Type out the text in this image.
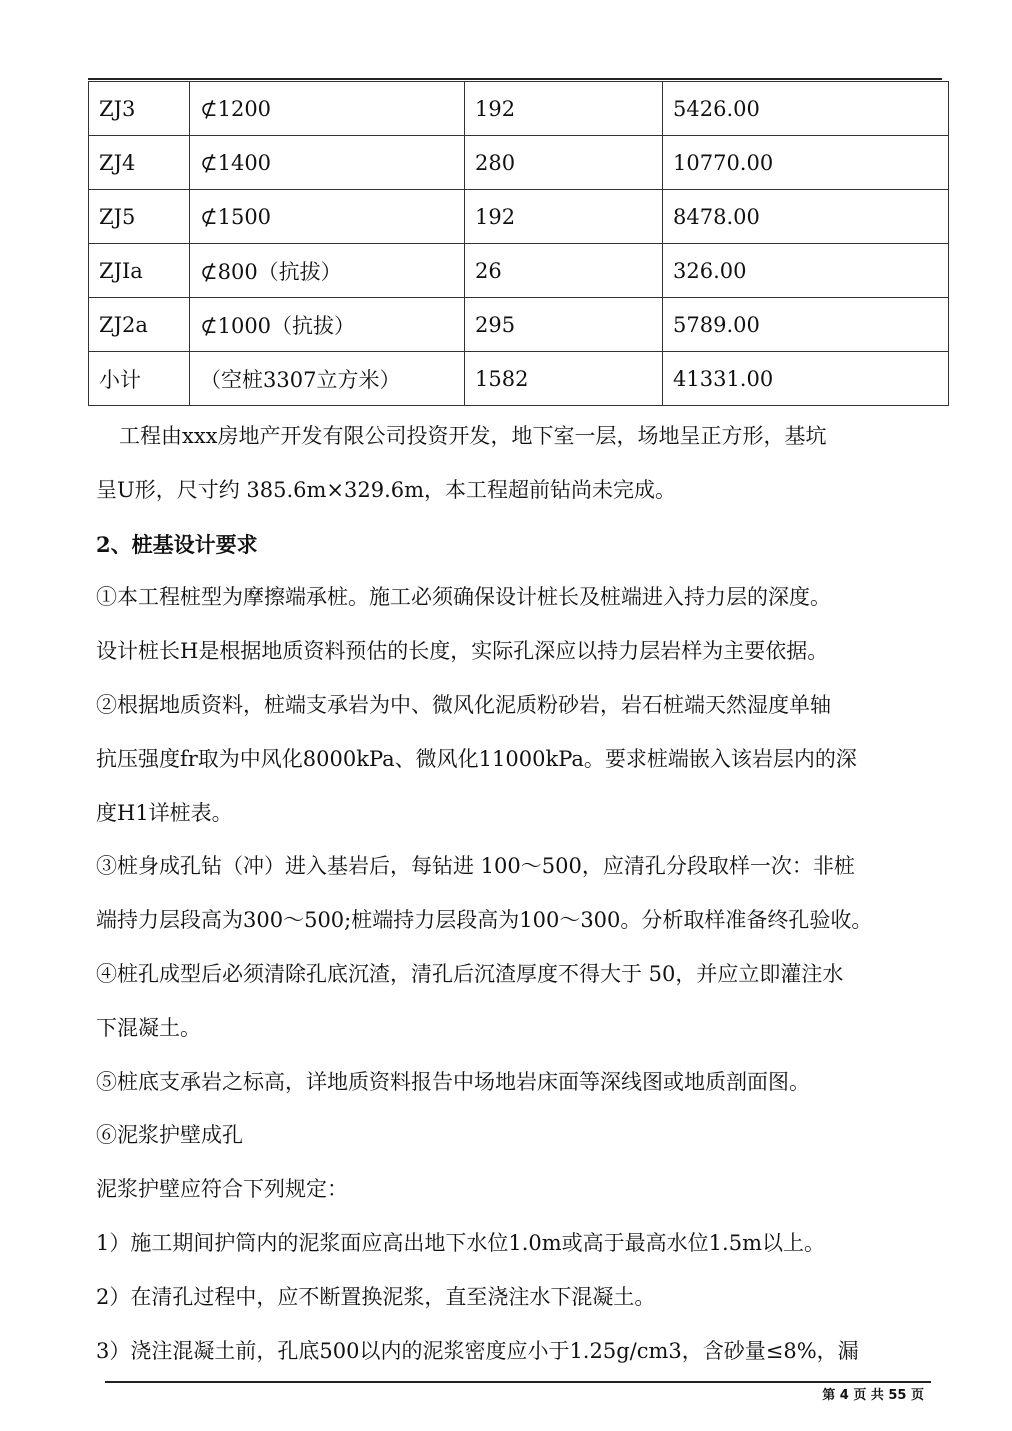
ZJ3	⊄1200	192	5426.00
ZJ4	⊄1400	280	10770.00
ZJ5	⊄1500	192	8478.00
ZJIa	⊄800（抗拔）	26	326.00
ZJ2a	⊄1000（抗拔）	295	5789.00
小计	（空桩3307立方米）	1582	41331.00

工程由xxx房地产开发有限公司投资开发，地下室一层，场地呈正方形，基坑

呈U形，尺寸约 385.6m×329.6m，本工程超前钻尚未完成。

2、桩基设计要求

①本工程桩型为摩擦端承桩。施工必须确保设计桩长及桩端进入持力层的深度。

设计桩长H是根据地质资料预估的长度，实际孔深应以持力层岩样为主要依据。

②根据地质资料，桩端支承岩为中、微风化泥质粉砂岩，岩石桩端天然湿度单轴

抗压强度fr取为中风化8000kPa、微风化11000kPa。要求桩端嵌入该岩层内的深

度H1详桩表。

③桩身成孔钻（冲）进入基岩后，每钻进 100～500，应清孔分段取样一次：非桩

端持力层段高为300～500;桩端持力层段高为100～300。分析取样准备终孔验收。

④桩孔成型后必须清除孔底沉渣，清孔后沉渣厚度不得大于 50，并应立即灌注水

下混凝土。

⑤桩底支承岩之标高，详地质资料报告中场地岩床面等深线图或地质剖面图。

⑥泥浆护壁成孔

泥浆护壁应符合下列规定：

1）施工期间护筒内的泥浆面应高出地下水位1.0m或高于最高水位1.5m以上。

2）在清孔过程中，应不断置换泥浆，直至浇注水下混凝土。

3）浇注混凝土前，孔底500以内的泥浆密度应小于1.25g/cm3，含砂量≤8%，漏

第 4 页 共 55 页
